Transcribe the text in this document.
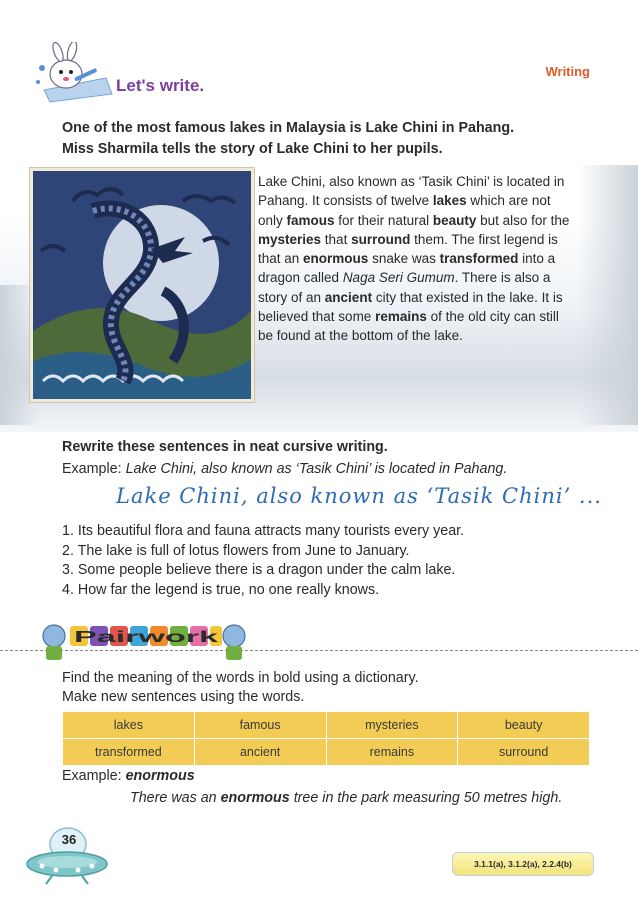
Let's write.
Writing
One of the most famous lakes in Malaysia is Lake Chini in Pahang.
Miss Sharmila tells the story of Lake Chini to her pupils.
Lake Chini, also known as ‘Tasik Chini’ is located in Pahang. It consists of twelve lakes which are not only famous for their natural beauty but also for the mysteries that surround them. The first legend is that an enormous snake was transformed into a dragon called Naga Seri Gumum. There is also a story of an ancient city that existed in the lake. It is believed that some remains of the old city can still be found at the bottom of the lake.
Rewrite these sentences in neat cursive writing.
Example: Lake Chini, also known as ‘Tasik Chini’ is located in Pahang.
Lake Chini, also known as ‘Tasik Chini’ ...
1. Its beautiful flora and fauna attracts many tourists every year.
2. The lake is full of lotus flowers from June to January.
3. Some people believe there is a dragon under the calm lake.
4. How far the legend is true, no one really knows.
Pairwork
Find the meaning of the words in bold using a dictionary.
Make new sentences using the words.
lakes	famous	mysteries	beauty
transformed	ancient	remains	surround
Example: enormous
There was an enormous tree in the park measuring 50 metres high.
36
3.1.1(a), 3.1.2(a), 2.2.4(b)
